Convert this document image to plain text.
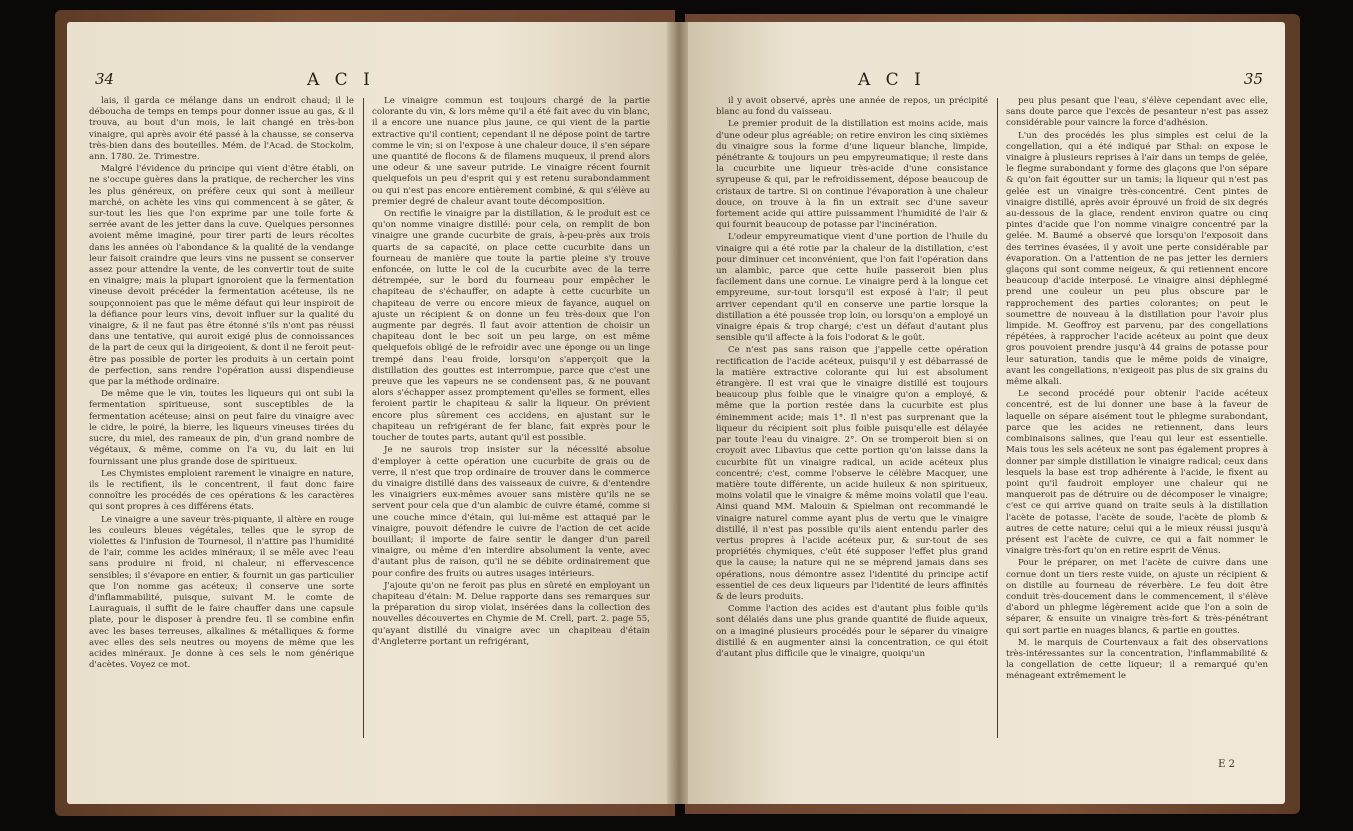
34	A C I

lais, il garda ce mélange dans un endroit chaud; il le déboucha de temps en temps pour donner issue au gas, & il trouva, au bout d'un mois, le lait changé en très-bon vinaigre, qui après avoir été passé à la chausse, se conserva très-bien dans des bouteilles. Mém. de l'Acad. de Stockolm, ann. 1780. 2e. Trimestre.

Malgré l'évidence du principe qui vient d'être établi, on ne s'occupe guères dans la pratique, de rechercher les vins les plus généreux, on préfère ceux qui sont à meilleur marché, on achète les vins qui commencent à se gâter, & sur-tout les lies que l'on exprime par une toile forte & serrée avant de les jetter dans la cuve. Quelques personnes avoient même imaginé, pour tirer parti de leurs récoltes dans les années où l'abondance & la qualité de la vendange leur faisoit craindre que leurs vins ne pussent se conserver assez pour attendre la vente, de les convertir tout de suite en vinaigre; mais la plupart ignoroient que la fermentation vineuse devoit précéder la fermentation acéteuse, ils ne soupçonnoient pas que le même défaut qui leur inspiroit de la défiance pour leurs vins, devoit influer sur la qualité du vinaigre, & il ne faut pas être étonné s'ils n'ont pas réussi dans une tentative, qui auroit exigé plus de connoissances de la part de ceux qui la dirigeoient, & dont il ne feroit peut-être pas possible de porter les produits à un certain point de perfection, sans rendre l'opération aussi dispendieuse que par la méthode ordinaire.

De même que le vin, toutes les liqueurs qui ont subi la fermentation spiritueuse, sont susceptibles de la fermentation acéteuse; ainsi on peut faire du vinaigre avec le cidre, le poiré, la bierre, les liqueurs vineuses tirées du sucre, du miel, des rameaux de pin, d'un grand nombre de végétaux, & même, comme on l'a vu, du lait en lui fournissant une plus grande dose de spiritueux.

Les Chymistes emploient rarement le vinaigre en nature, ils le rectifient, ils le concentrent, il faut donc faire connoître les procédés de ces opérations & les caractères qui sont propres à ces différens états.

Le vinaigre a une saveur très-piquante, il altère en rouge les couleurs bleues végétales, telles que le syrop de violettes & l'infusion de Tournesol, il n'attire pas l'humidité de l'air, comme les acides minéraux; il se mêle avec l'eau sans produire ni froid, ni chaleur, ni effervescence sensibles; il s'évapore en entier, & fournit un gas particulier que l'on nomme gas acéteux; il conserve une sorte d'inflammabilité, puisque, suivant M. le comte de Lauraguais, il suffit de le faire chauffer dans une capsule plate, pour le disposer à prendre feu. Il se combine enfin avec les bases terreuses, alkalines & métalliques & forme avec elles des sels neutres ou moyens de même que les acides minéraux. Je donne à ces sels le nom générique d'acètes. Voyez ce mot.

Le vinaigre commun est toujours chargé de la partie colorante du vin, & lors même qu'il a été fait avec du vin blanc, il a encore une nuance plus jaune, ce qui vient de la partie extractive qu'il contient; cependant il ne dépose point de tartre comme le vin; si on l'expose à une chaleur douce, il s'en sépare une quantité de flocons & de filamens muqueux, il prend alors une odeur & une saveur putride. Le vinaigre récent fournit quelquefois un peu d'esprit qui y est retenu surabondamment ou qui n'est pas encore entièrement combiné, & qui s'élève au premier degré de chaleur avant toute décomposition.

On rectifie le vinaigre par la distillation, & le produit est ce qu'on nomme vinaigre distillé: pour cela, on remplit de bon vinaigre une grande cucurbite de grais, à-peu-près aux trois quarts de sa capacité, on place cette cucurbite dans un fourneau de manière que toute la partie pleine s'y trouve enfoncée, on lutte le col de la cucurbite avec de la terre détrempée, sur le bord du fourneau pour empêcher le chapiteau de s'échauffer, on adapte à cette cucurbite un chapiteau de verre ou encore mieux de fayance, auquel on ajuste un récipient & on donne un feu très-doux que l'on augmente par degrés. Il faut avoir attention de choisir un chapiteau dont le bec soit un peu large, on est même quelquefois obligé de le refroidir avec une éponge ou un linge trempé dans l'eau froide, lorsqu'on s'apperçoit que la distillation des gouttes est interrompue, parce que c'est une preuve que les vapeurs ne se condensent pas, & ne pouvant alors s'échapper assez promptement qu'elles se forment, elles feroient partir le chapiteau & salir la liqueur. On prévient encore plus sûrement ces accidens, en ajustant sur le chapiteau un refrigérant de fer blanc, fait exprès pour le toucher de toutes parts, autant qu'il est possible.

Je ne saurois trop insister sur la nécessité absolue d'employer à cette opération une cucurbite de grais ou de verre, il n'est que trop ordinaire de trouver dans le commerce du vinaigre distillé dans des vaisseaux de cuivre, & d'entendre les vinaigriers eux-mêmes avouer sans mistère qu'ils ne se servent pour cela que d'un alambic de cuivre étamé, comme si une couche mince d'étain, qui lui-même est attaqué par le vinaigre, pouvoit défendre le cuivre de l'action de cet acide bouillant; il importe de faire sentir le danger d'un pareil vinaigre, ou même d'en interdire absolument la vente, avec d'autant plus de raison, qu'il ne se débite ordinairement que pour confire des fruits ou autres usages intérieurs.

J'ajoute qu'on ne feroit pas plus en sûreté en employant un chapiteau d'étain: M. Delue rapporte dans ses remarques sur la préparation du sirop violat, insérées dans la collection des nouvelles découvertes en Chymie de M. Crell, part. 2. page 55, qu'ayant distillé du vinaigre avec un chapiteau d'étain d'Angleterre portant un refrigérant,

A C I	35

il y avoit observé, après une année de repos, un précipité blanc au fond du vaisseau.

Le premier produit de la distillation est moins acide, mais d'une odeur plus agréable; on retire environ les cinq sixièmes du vinaigre sous la forme d'une liqueur blanche, limpide, pénétrante & toujours un peu empyreumatique; il reste dans la cucurbite une liqueur très-acide d'une consistance syrupeuse & qui, par le refroidissement, dépose beaucoup de cristaux de tartre. Si on continue l'évaporation à une chaleur douce, on trouve à la fin un extrait sec d'une saveur fortement acide qui attire puissamment l'humidité de l'air & qui fournit beaucoup de potasse par l'incinération.

L'odeur empyreumatique vient d'une portion de l'huile du vinaigre qui a été rotie par la chaleur de la distillation, c'est pour diminuer cet inconvénient, que l'on fait l'opération dans un alambic, parce que cette huile passeroit bien plus facilement dans une cornue. Le vinaigre perd à la longue cet empyreume, sur-tout lorsqu'il est exposé à l'air; il peut arriver cependant qu'il en conserve une partie lorsque la distillation a été poussée trop loin, ou lorsqu'on a employé un vinaigre épais & trop chargé; c'est un défaut d'autant plus sensible qu'il affecte à la fois l'odorat & le goût.

Ce n'est pas sans raison que j'appelle cette opération rectification de l'acide acéteux, puisqu'il y est débarrassé de la matière extractive colorante qui lui est absolument étrangère. Il est vrai que le vinaigre distillé est toujours beaucoup plus foible que le vinaigre qu'on a employé, & même que la portion restée dans la cucurbite est plus éminemment acide; mais 1°. Il n'est pas surprenant que la liqueur du récipient soit plus foible puisqu'elle est délayée par toute l'eau du vinaigre. 2°. On se tromperoit bien si on croyoit avec Libavius que cette portion qu'on laisse dans la cucurbite fût un vinaigre radical, un acide acéteux plus concentré; c'est, comme l'observe le célèbre Macquer, une matière toute différente, un acide huileux & non spiritueux, moins volatil que le vinaigre & même moins volatil que l'eau. Ainsi quand MM. Malouin & Spielman ont recommandé le vinaigre naturel comme ayant plus de vertu que le vinaigre distillé, il n'est pas possible qu'ils aient entendu parler des vertus propres à l'acide acéteux pur, & sur-tout de ses propriétés chymiques, c'eût été supposer l'effet plus grand que la cause; la nature qui ne se méprend jamais dans ses opérations, nous démontre assez l'identité du principe actif essentiel de ces deux liqueurs par l'identité de leurs affinités & de leurs produits.

Comme l'action des acides est d'autant plus foible qu'ils sont délaiés dans une plus grande quantité de fluide aqueux, on a imaginé plusieurs procédés pour le séparer du vinaigre distillé & en augmenter ainsi la concentration, ce qui étoit d'autant plus difficile que le vinaigre, quoiqu'un

peu plus pesant que l'eau, s'élève cependant avec elle, sans doute parce que l'excès de pesanteur n'est pas assez considérable pour vaincre la force d'adhésion.

L'un des procédés les plus simples est celui de la congellation, qui a été indiqué par Sthal: on expose le vinaigre à plusieurs reprises à l'air dans un temps de gelée, le flegme surabondant y forme des glaçons que l'on sépare & qu'on fait égoutter sur un tamis; la liqueur qui n'est pas gelée est un vinaigre très-concentré. Cent pintes de vinaigre distillé, après avoir éprouvé un froid de six degrés au-dessous de la glace, rendent environ quatre ou cinq pintes d'acide que l'on nomme vinaigre concentré par la gelée. M. Baumé a observé que lorsqu'on l'exposoit dans des terrines évasées, il y avoit une perte considérable par évaporation. On a l'attention de ne pas jetter les derniers glaçons qui sont comme neigeux, & qui retiennent encore beaucoup d'acide interposé. Le vinaigre ainsi déphlegmé prend une couleur un peu plus obscure par le rapprochement des parties colorantes; on peut le soumettre de nouveau à la distillation pour l'avoir plus limpide. M. Geoffroy est parvenu, par des congellations répétées, à rapprocher l'acide acéteux au point que deux gros pouvoient prendre jusqu'à 44 grains de potasse pour leur saturation, tandis que le même poids de vinaigre, avant les congellations, n'exigeoit pas plus de six grains du même alkali.

Le second procédé pour obtenir l'acide acéteux concentré, est de lui donner une base à la faveur de laquelle on sépare aisément tout le phlegme surabondant, parce que les acides ne retiennent, dans leurs combinaisons salines, que l'eau qui leur est essentielle. Mais tous les sels acéteux ne sont pas également propres à donner par simple distillation le vinaigre radical; ceux dans lesquels la base est trop adhérente à l'acide, le fixent au point qu'il faudroit employer une chaleur qui ne manqueroit pas de détruire ou de décomposer le vinaigre; c'est ce qui arrive quand on traite seuls à la distillation l'acète de potasse, l'acète de soude, l'acète de plomb & autres de cette nature; celui qui a le mieux réussi jusqu'à présent est l'acète de cuivre, ce qui a fait nommer le vinaigre très-fort qu'on en retire esprit de Vénus.

Pour le préparer, on met l'acète de cuivre dans une cornue dont un tiers reste vuide, on ajuste un récipient & on distille au fourneau de réverbère. Le feu doit être conduit très-doucement dans le commencement, il s'élève d'abord un phlegme légèrement acide que l'on a soin de séparer, & ensuite un vinaigre très-fort & très-pénétrant qui sort partie en nuages blancs, & partie en gouttes.

M. le marquis de Courtenvaux a fait des observations très-intéressantes sur la concentration, l'inflammabilité & la congellation de cette liqueur; il a remarqué qu'en ménageant extrêmement le

E 2
